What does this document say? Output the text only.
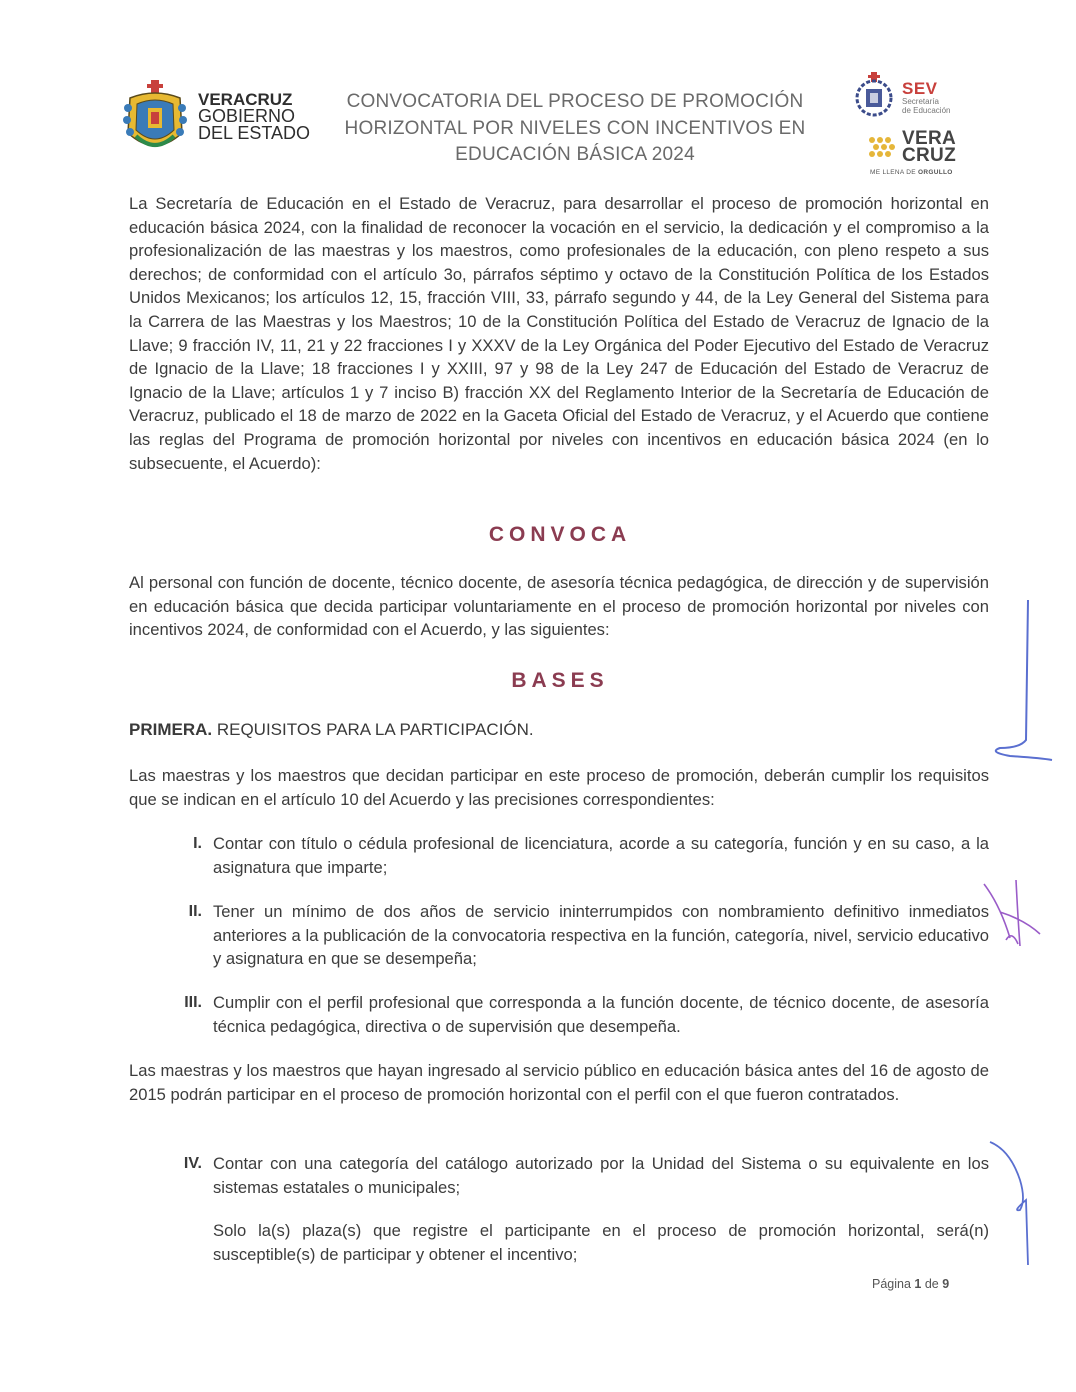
VERACRUZ
GOBIERNO
DEL ESTADO
CONVOCATORIA DEL PROCESO DE PROMOCIÓN
HORIZONTAL POR NIVELES CON INCENTIVOS EN
EDUCACIÓN BÁSICA 2024
SEV
Secretaría
de Educación
VERA
CRUZ
ME LLENA DE ORGULLO
La Secretaría de Educación en el Estado de Veracruz, para desarrollar el proceso de promoción horizontal en educación básica 2024, con la finalidad de reconocer la vocación en el servicio, la dedicación y el compromiso a la profesionalización de las maestras y los maestros, como profesionales de la educación, con pleno respeto a sus derechos; de conformidad con el artículo 3o, párrafos séptimo y octavo de la Constitución Política de los Estados Unidos Mexicanos; los artículos 12, 15, fracción VIII, 33, párrafo segundo y 44, de la Ley General del Sistema para la Carrera de las Maestras y los Maestros; 10 de la Constitución Política del Estado de Veracruz de Ignacio de la Llave; 9 fracción IV, 11, 21 y 22 fracciones I y XXXV de la Ley Orgánica del Poder Ejecutivo del Estado de Veracruz de Ignacio de la Llave; 18 fracciones I y XXIII, 97 y 98 de la Ley 247 de Educación del Estado de Veracruz de Ignacio de la Llave; artículos 1 y 7 inciso B) fracción XX del Reglamento Interior de la Secretaría de Educación de Veracruz, publicado el 18 de marzo de 2022 en la Gaceta Oficial del Estado de Veracruz, y el Acuerdo que contiene las reglas del Programa de promoción horizontal por niveles con incentivos en educación básica 2024 (en lo subsecuente, el Acuerdo):
CONVOCA
Al personal con función de docente, técnico docente, de asesoría técnica pedagógica, de dirección y de supervisión en educación básica que decida participar voluntariamente en el proceso de promoción horizontal por niveles con incentivos 2024, de conformidad con el Acuerdo, y las siguientes:
BASES
PRIMERA. REQUISITOS PARA LA PARTICIPACIÓN.
Las maestras y los maestros que decidan participar en este proceso de promoción, deberán cumplir los requisitos que se indican en el artículo 10 del Acuerdo y las precisiones correspondientes:
I. Contar con título o cédula profesional de licenciatura, acorde a su categoría, función y en su caso, a la asignatura que imparte;
II. Tener un mínimo de dos años de servicio ininterrumpidos con nombramiento definitivo inmediatos anteriores a la publicación de la convocatoria respectiva en la función, categoría, nivel, servicio educativo y asignatura en que se desempeña;
III. Cumplir con el perfil profesional que corresponda a la función docente, de técnico docente, de asesoría técnica pedagógica, directiva o de supervisión que desempeña.
Las maestras y los maestros que hayan ingresado al servicio público en educación básica antes del 16 de agosto de 2015 podrán participar en el proceso de promoción horizontal con el perfil con el que fueron contratados.
IV. Contar con una categoría del catálogo autorizado por la Unidad del Sistema o su equivalente en los sistemas estatales o municipales;
Solo la(s) plaza(s) que registre el participante en el proceso de promoción horizontal, será(n) susceptible(s) de participar y obtener el incentivo;
Página 1 de 9
